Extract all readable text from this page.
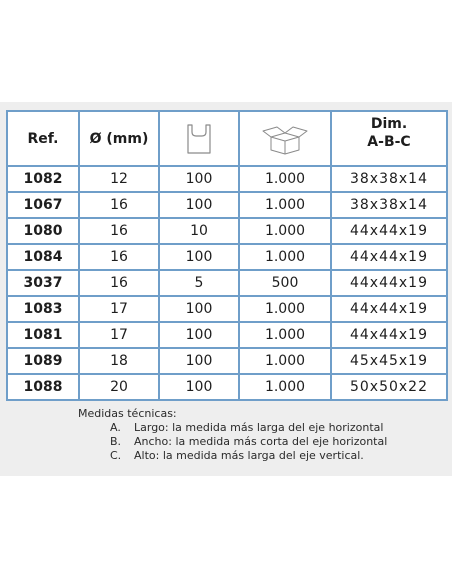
Ref.	Ø (mm)			Dim.
A-B-C

1082	12	100	1.000	38x38x14
1067	16	100	1.000	38x38x14
1080	16	10	1.000	44x44x19
1084	16	100	1.000	44x44x19
3037	16	5	500	44x44x19
1083	17	100	1.000	44x44x19
1081	17	100	1.000	44x44x19
1089	18	100	1.000	45x45x19
1088	20	100	1.000	50x50x22
Medidas técnicas:
A.	Largo: la medida más larga del eje horizontal
B.	Ancho: la medida más corta del eje horizontal
C.	Alto: la medida más larga del eje vertical.
